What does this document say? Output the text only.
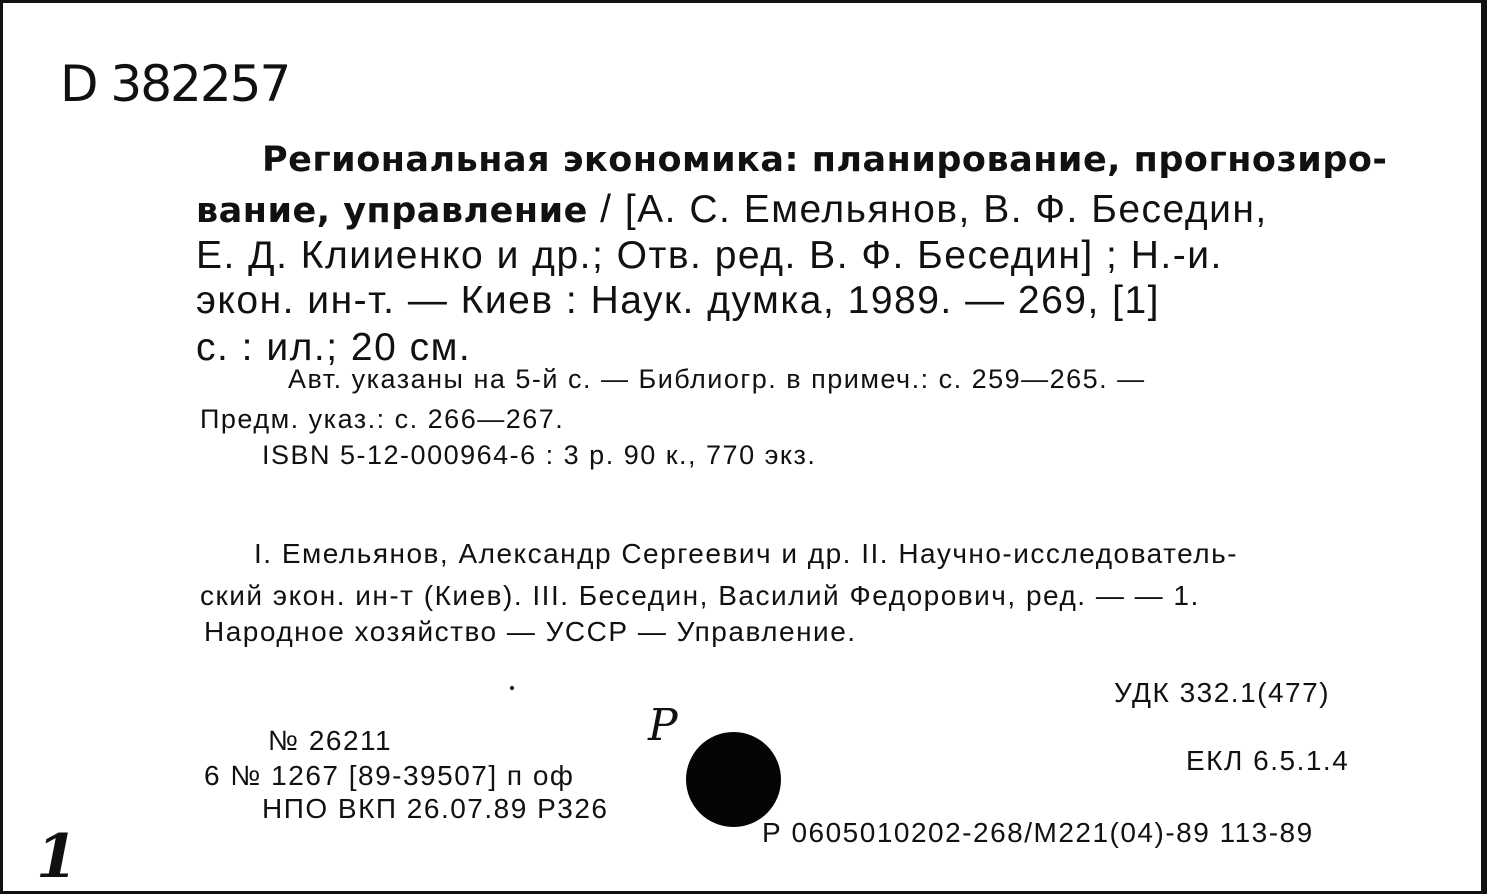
D 382257
Региональная экономика: планирование, прогнозиро-
вание, управление / [А. С. Емельянов, В. Ф. Беседин,
Е. Д. Клииенко и др.; Отв. ред. В. Ф. Беседин] ; Н.-и.
экон. ин-т. — Киев : Наук. думка, 1989. — 269, [1]
с. : ил.; 20 см.
Авт. указаны на 5-й с. — Библиогр. в примеч.: с. 259—265. —
Предм. указ.: с. 266—267.
ISBN 5-12-000964-6 : 3 р. 90 к., 770 экз.
I. Емельянов, Александр Сергеевич и др. II. Научно-исследователь-
ский экон. ин-т (Киев). III. Беседин, Василий Федорович, ред. — — 1.
Народное хозяйство — УССР — Управление.
УДК 332.1(477)
ЕКЛ 6.5.1.4
№ 26211
6 № 1267 [89-39507] п оф
НПО ВКП 26.07.89 Р326
Р
Р 0605010202-268/М221(04)-89 113-89
1
